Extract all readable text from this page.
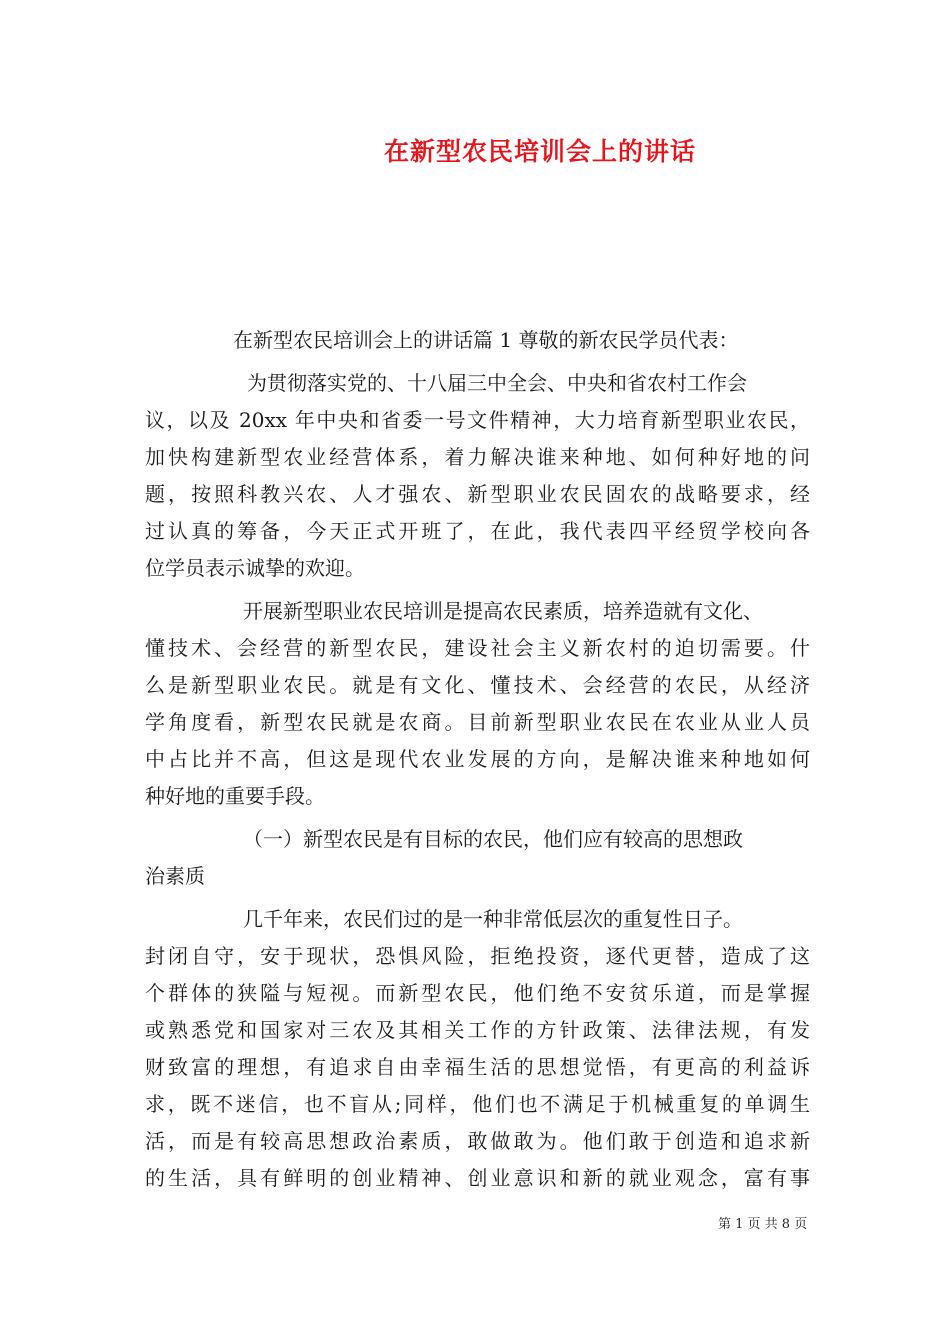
在新型农民培训会上的讲话
在新型农民培训会上的讲话篇 1 尊敬的新农民学员代表：
为贯彻落实党的、十八届三中全会、中央和省农村工作会
议，以及 20xx 年中央和省委一号文件精神，大力培育新型职业农民，
加快构建新型农业经营体系，着力解决谁来种地、如何种好地的问
题，按照科教兴农、人才强农、新型职业农民固农的战略要求，经
过认真的筹备，今天正式开班了，在此，我代表四平经贸学校向各
位学员表示诚挚的欢迎。
开展新型职业农民培训是提高农民素质，培养造就有文化、
懂技术、会经营的新型农民，建设社会主义新农村的迫切需要。什
么是新型职业农民。就是有文化、懂技术、会经营的农民，从经济
学角度看，新型农民就是农商。目前新型职业农民在农业从业人员
中占比并不高，但这是现代农业发展的方向，是解决谁来种地如何
种好地的重要手段。
（一）新型农民是有目标的农民，他们应有较高的思想政
治素质
几千年来，农民们过的是一种非常低层次的重复性日子。
封闭自守，安于现状，恐惧风险，拒绝投资，逐代更替，造成了这
个群体的狭隘与短视。而新型农民，他们绝不安贫乐道，而是掌握
或熟悉党和国家对三农及其相关工作的方针政策、法律法规，有发
财致富的理想，有追求自由幸福生活的思想觉悟，有更高的利益诉
求，既不迷信，也不盲从;同样，他们也不满足于机械重复的单调生
活，而是有较高思想政治素质，敢做敢为。他们敢于创造和追求新
的生活，具有鲜明的创业精神、创业意识和新的就业观念，富有事
第 1 页 共 8 页
